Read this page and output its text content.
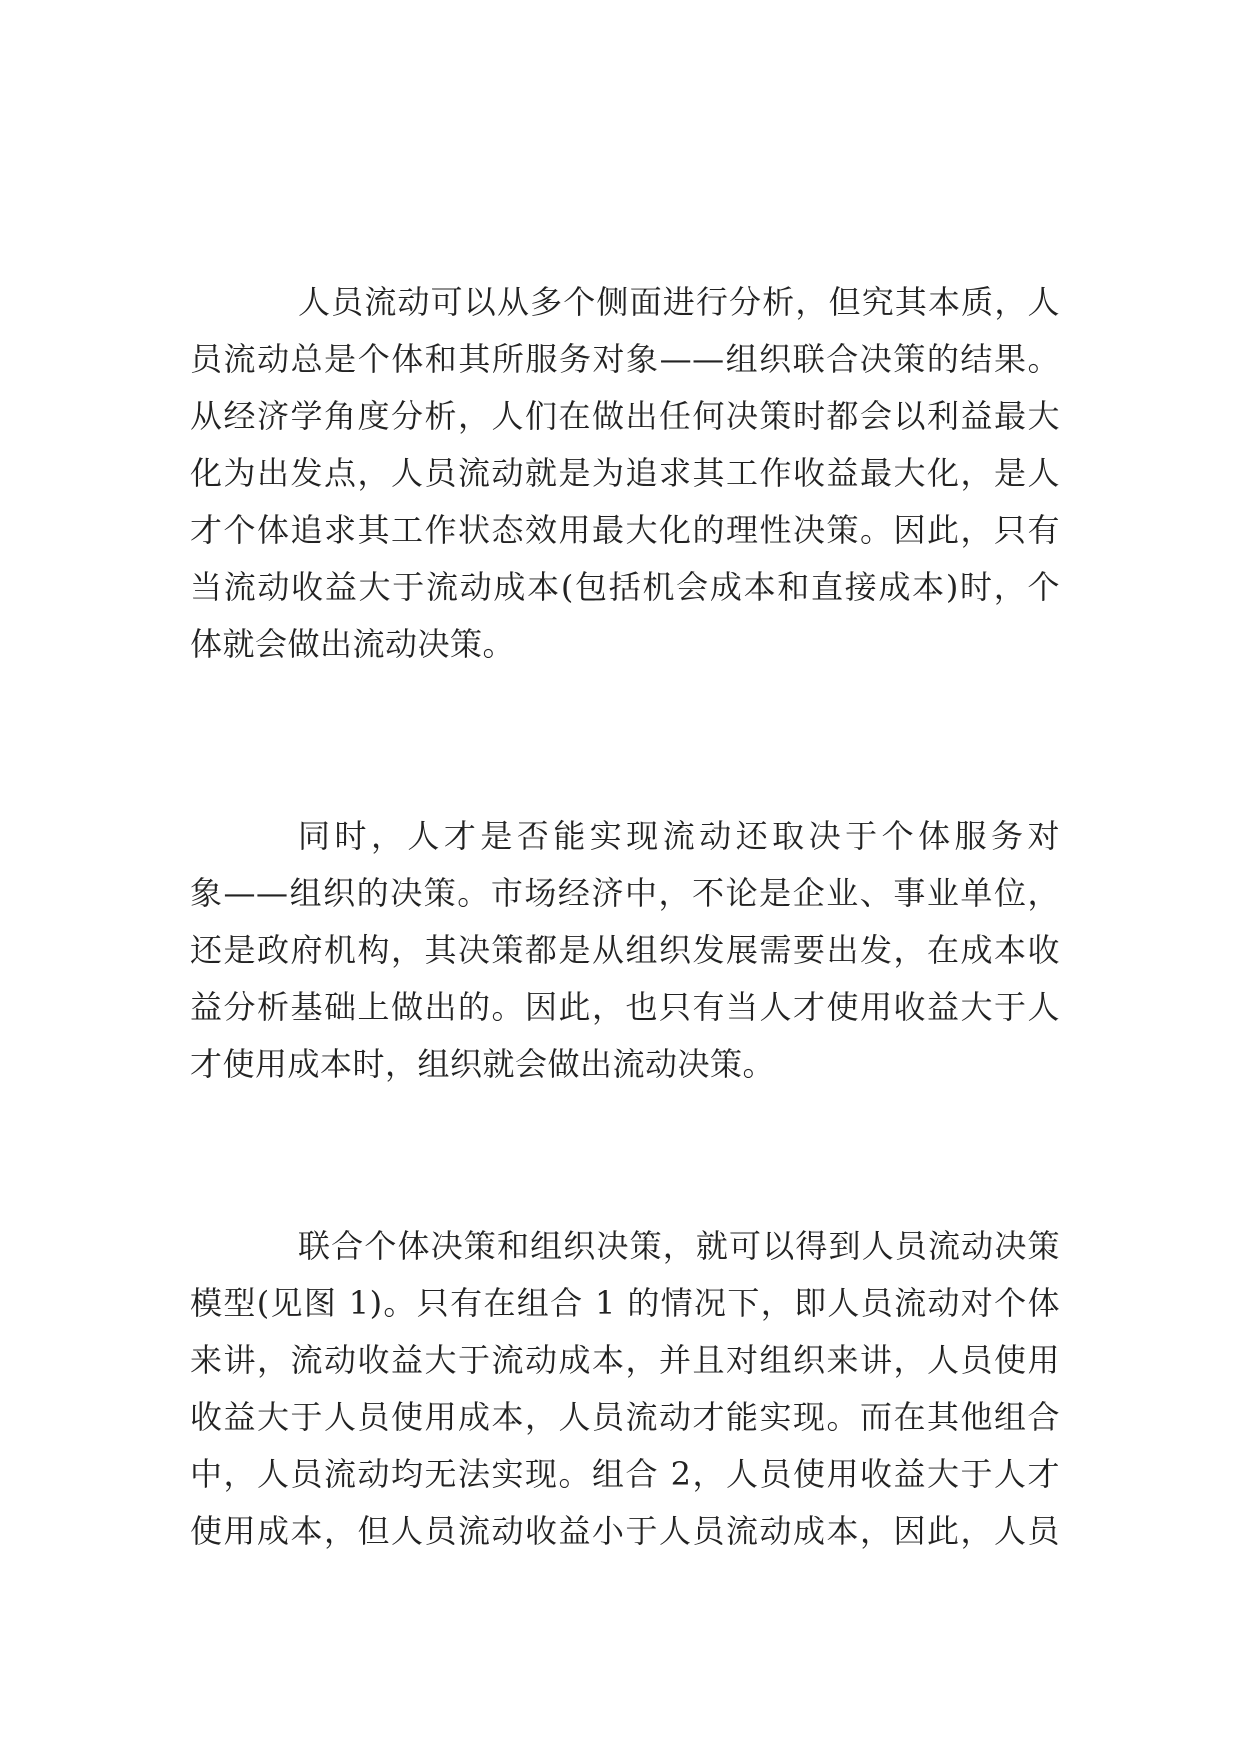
人员流动可以从多个侧面进行分析，但究其本质，人
员流动总是个体和其所服务对象——组织联合决策的结果。
从经济学角度分析，人们在做出任何决策时都会以利益最大
化为出发点，人员流动就是为追求其工作收益最大化，是人
才个体追求其工作状态效用最大化的理性决策。因此，只有
当流动收益大于流动成本(包括机会成本和直接成本)时，个
体就会做出流动决策。
同时，人才是否能实现流动还取决于个体服务对
象——组织的决策。市场经济中，不论是企业、事业单位，
还是政府机构，其决策都是从组织发展需要出发，在成本收
益分析基础上做出的。因此，也只有当人才使用收益大于人
才使用成本时，组织就会做出流动决策。
联合个体决策和组织决策，就可以得到人员流动决策
模型(见图 1)。只有在组合 1 的情况下，即人员流动对个体
来讲，流动收益大于流动成本，并且对组织来讲，人员使用
收益大于人员使用成本，人员流动才能实现。而在其他组合
中，人员流动均无法实现。组合 2，人员使用收益大于人才
使用成本，但人员流动收益小于人员流动成本，因此，人员
